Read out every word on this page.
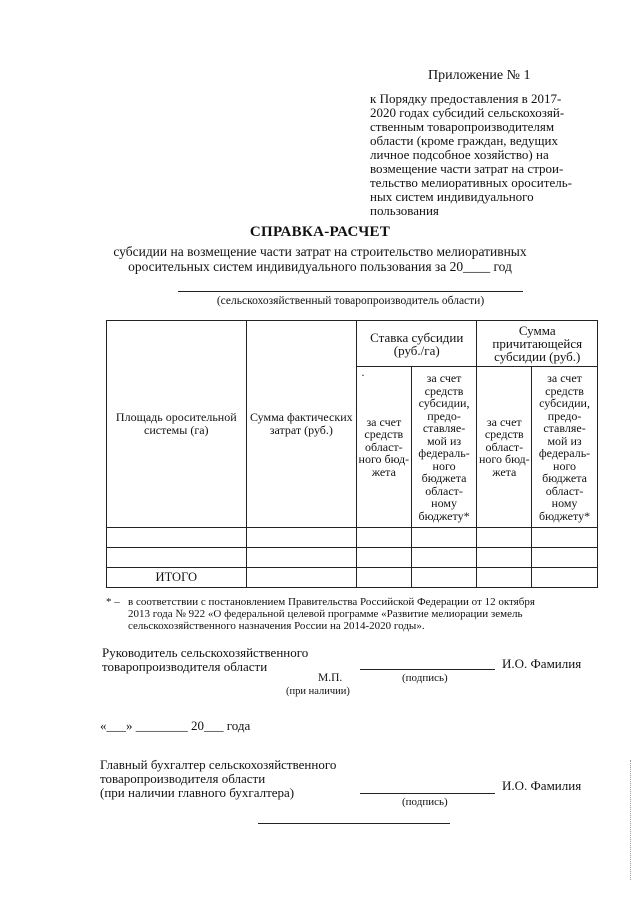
Приложение № 1
к Порядку предоставления в 2017-
2020 годах субсидий сельскохозяй-
ственным товаропроизводителям
области (кроме граждан, ведущих
личное подсобное хозяйство) на
возмещение части затрат на строи-
тельство мелиоративных ороситель-
ных систем индивидуального
пользования
СПРАВКА-РАСЧЕТ
субсидии на возмещение части затрат на строительство мелиоративных
оросительных систем индивидуального пользования за 20____ год
(сельскохозяйственный товаропроизводитель области)
Площадь оросительной системы (га)	Сумма фактических затрат (руб.)	Ставка субсидии (руб./га)		Сумма причитающейся субсидии (руб.)	

		·
за счет средств област- ного бюд- жета	за счет средств субсидии, предо- ставляе- мой из федераль- ного бюджета област- ному бюджету*	за счет средств област- ного бюд- жета	за счет средств субсидии, предо- ставляе- мой из федераль- ного бюджета област- ному бюджету*

ИТОГО					
* – в соответствии с постановлением Правительства Российской Федерации от 12 октября
2013 года № 922 «О федеральной целевой программе «Развитие мелиорации земель
сельскохозяйственного назначения России на 2014-2020 годы».
Руководитель сельскохозяйственного
товаропроизводителя области	И.О. Фамилия
М.П.	(подпись)
(при наличии)
«___» ________ 20___ года
Главный бухгалтер сельскохозяйственного
товаропроизводителя области
(при наличии главного бухгалтера)	И.О. Фамилия
(подпись)
